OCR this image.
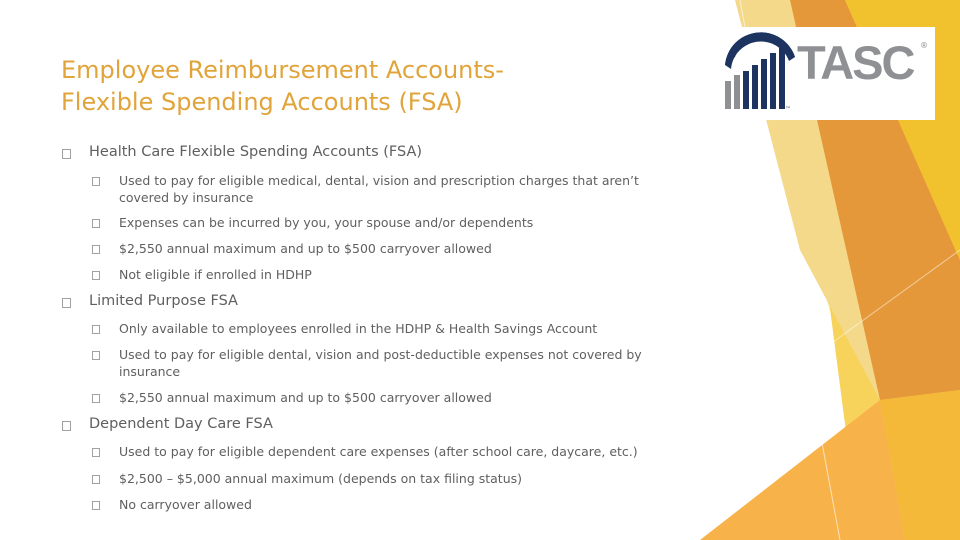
Employee Reimbursement Accounts-
Flexible Spending Accounts (FSA)
TASC ®
™
Health Care Flexible Spending Accounts (FSA)
Used to pay for eligible medical, dental, vision and prescription charges that aren’t
covered by insurance
Expenses can be incurred by you, your spouse and/or dependents
$2,550 annual maximum and up to $500 carryover allowed
Not eligible if enrolled in HDHP
Limited Purpose FSA
Only available to employees enrolled in the HDHP & Health Savings Account
Used to pay for eligible dental, vision and post-deductible expenses not covered by
insurance
$2,550 annual maximum and up to $500 carryover allowed
Dependent Day Care FSA
Used to pay for eligible dependent care expenses (after school care, daycare, etc.)
$2,500 – $5,000 annual maximum (depends on tax filing status)
No carryover allowed
